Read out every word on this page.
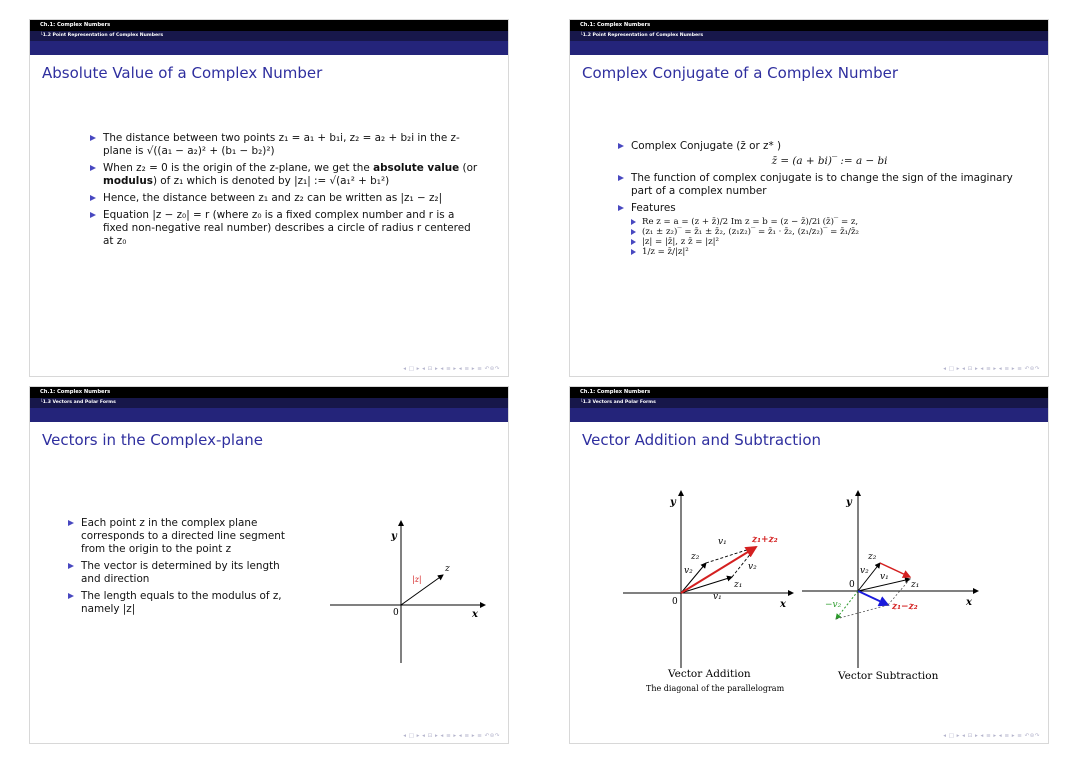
Ch.1: Complex Numbers
└1.2 Point Representation of Complex Numbers
Absolute Value of a Complex Number
The distance between two points z₁ = a₁ + b₁i, z₂ = a₂ + b₂i in the z-plane is √((a₁ − a₂)² + (b₁ − b₂)²)
When z₂ = 0 is the origin of the z-plane, we get the absolute value (or modulus) of z₁ which is denoted by |z₁| := √(a₁² + b₁²)
Hence, the distance between z₁ and z₂ can be written as |z₁ − z₂|
Equation |z − z₀| = r (where z₀ is a fixed complex number and r is a fixed non-negative real number) describes a circle of radius r centered at z₀
◂ □ ▸ ◂ ⊡ ▸ ◂ ≡ ▸ ◂ ≡ ▸ ≡ ↶⊚↷
Ch.1: Complex Numbers
└1.2 Point Representation of Complex Numbers
Complex Conjugate of a Complex Number
Complex Conjugate (z̄ or z* )
z̄ = (a + bi)‾ := a − bi
The function of complex conjugate is to change the sign of the imaginary part of a complex number
Features
Re z = a = (z + z̄)/2 Im z = b = (z − z̄)/2i (z̄)‾ = z,
(z₁ ± z₂)‾ = z̄₁ ± z̄₂, (z₁z₂)‾ = z̄₁ · z̄₂, (z₁/z₂)‾ = z̄₁/z̄₂
|z| = |z̄|, z z̄ = |z|²
1/z = z̄/|z|²
◂ □ ▸ ◂ ⊡ ▸ ◂ ≡ ▸ ◂ ≡ ▸ ≡ ↶⊚↷
Ch.1: Complex Numbers
└1.3 Vectors and Polar Forms
Vectors in the Complex-plane
Each point z in the complex plane corresponds to a directed line segment from the origin to the point z
The vector is determined by its length and direction
The length equals to the modulus of z, namely |z|
y
x
0
z
|z|
◂ □ ▸ ◂ ⊡ ▸ ◂ ≡ ▸ ◂ ≡ ▸ ≡ ↶⊚↷
Ch.1: Complex Numbers
└1.3 Vectors and Polar Forms
Vector Addition and Subtraction
y
x
0
z₁
z₂
v₁
v₁
v₂	v₂
z₁+z₂
Vector Addition
The diagonal of the parallelogram
y
x
0	z₁
z₂
v₁
v₂
−v₂	z₁−z₂
Vector Subtraction
◂ □ ▸ ◂ ⊡ ▸ ◂ ≡ ▸ ◂ ≡ ▸ ≡ ↶⊚↷
